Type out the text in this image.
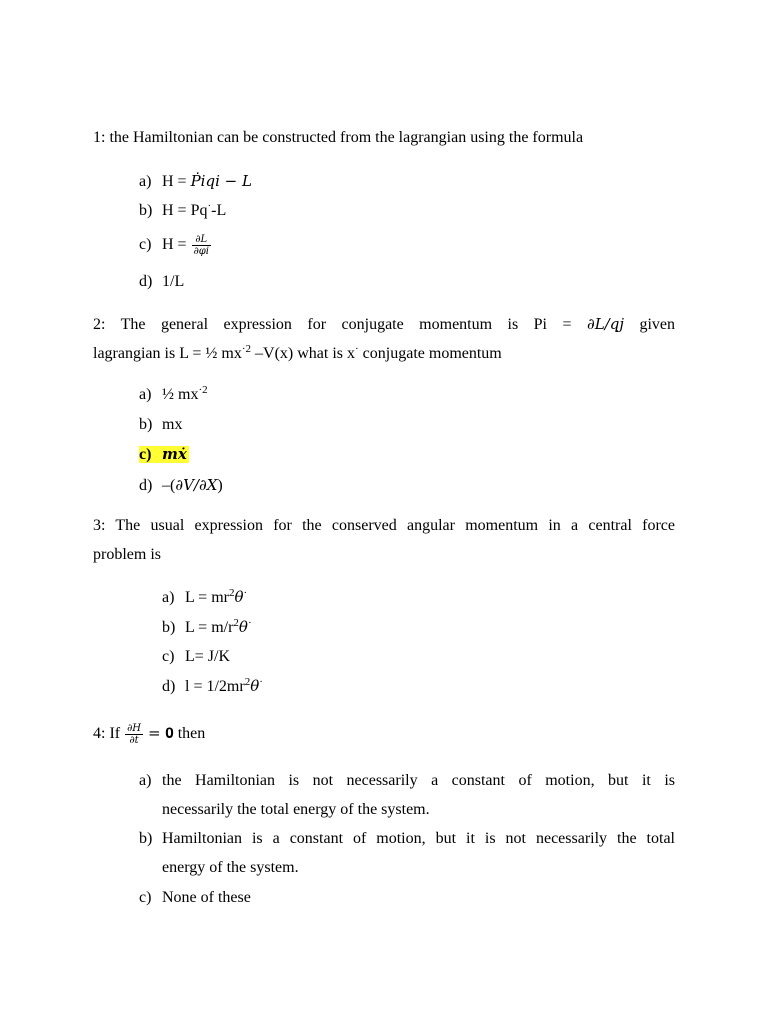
1: the Hamiltonian can be constructed from the lagrangian using the formula
a) H = Ṗiqi − L
b) H = Pq·-L
c) $H = \frac{\partial L}{\partial\varphi i}$
d) 1/L
2: The general expression for conjugate momentum is Pi = ∂L/qj given
lagrangian is L = ½ $mx^{\cdot 2}$ –V(x) what is x· conjugate momentum
a) ½ $mx^{\cdot 2}$
b) mx
c) mẋ
d) –(∂V/∂X)
3: The usual expression for the conserved angular momentum in a central force
problem is
a) $L = mr^2\theta^\cdot$
b) $L = m/r^2\theta^\cdot$
c) L= J/K
d) $l = 1/2mr^2\theta^\cdot$
4: If $\frac{\partial H}{\partial t}$ = 𝟎 then
a) the Hamiltonian is not necessarily a constant of motion, but it is
necessarily the total energy of the system.
b) Hamiltonian is a constant of motion, but it is not necessarily the total
energy of the system.
c) None of these
